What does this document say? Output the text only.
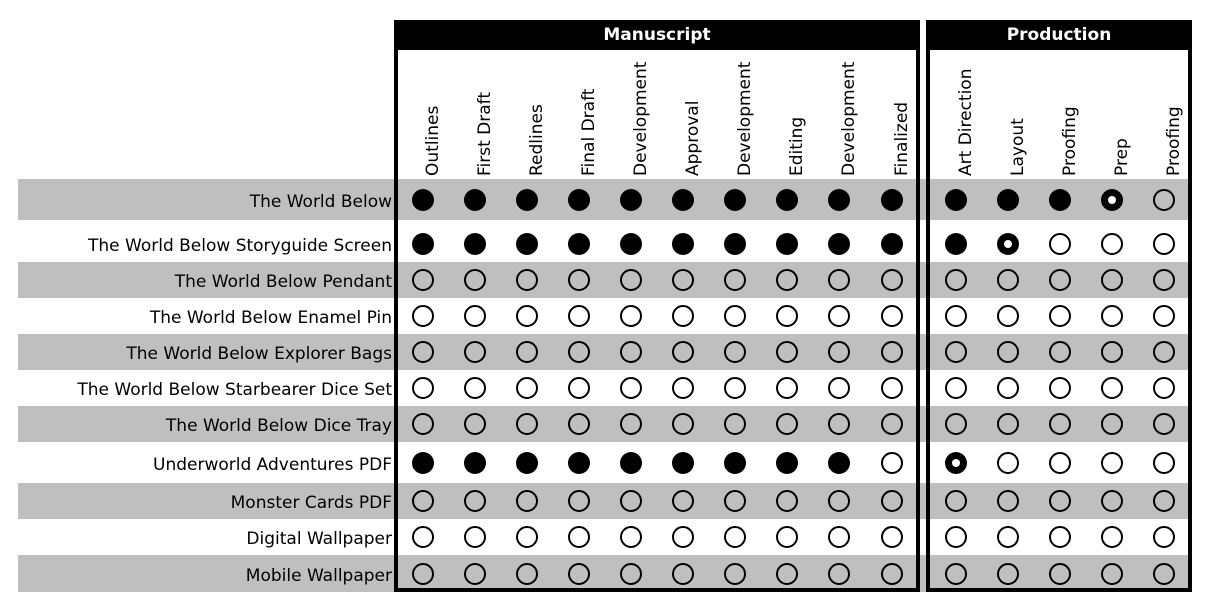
The World Below
The World Below Storyguide Screen
The World Below Pendant
The World Below Enamel Pin
The World Below Explorer Bags
The World Below Starbearer Dice Set
The World Below Dice Tray
Underworld Adventures PDF
Monster Cards PDF
Digital Wallpaper
Mobile Wallpaper
Manuscript	Production
Outlines First Draft Redlines Final Draft Development Approval Development Editing Development Finalized	Art Direction Layout Proofing Prep Proofing
